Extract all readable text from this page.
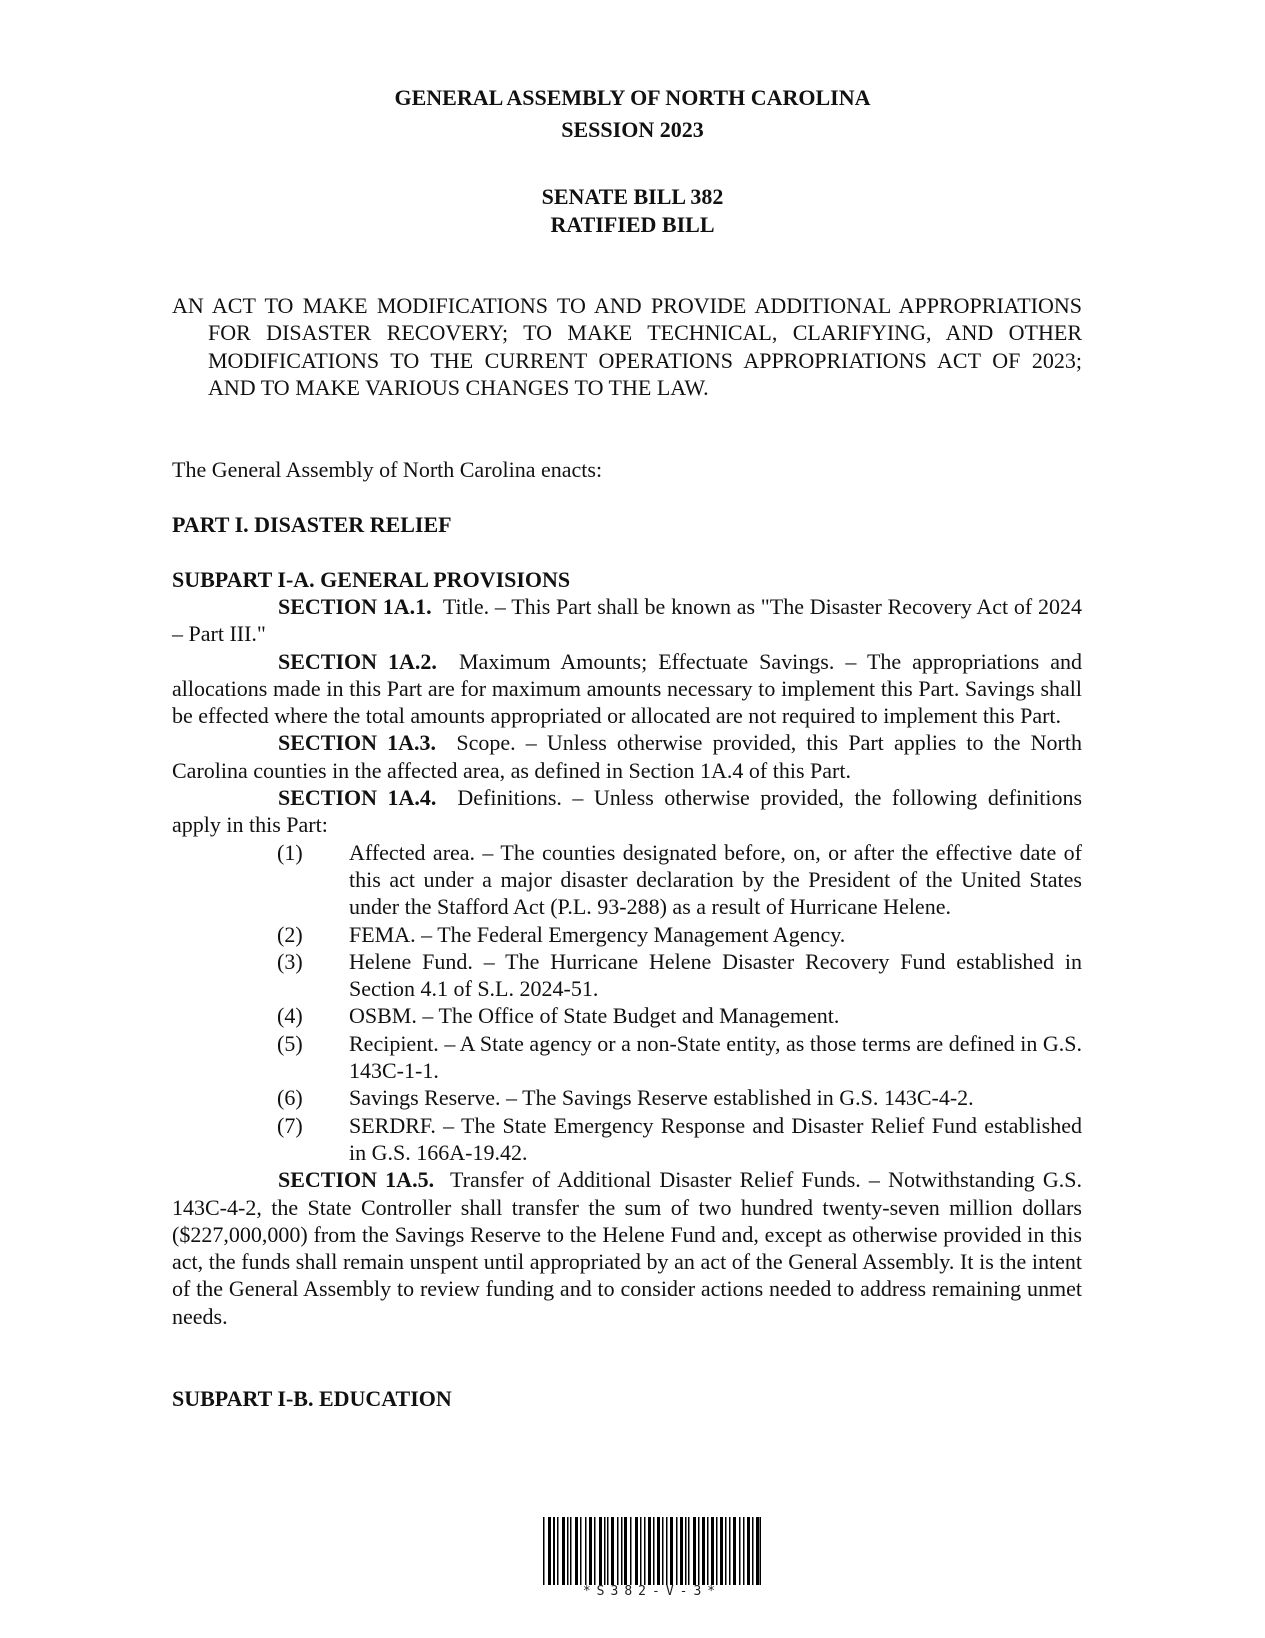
GENERAL ASSEMBLY OF NORTH CAROLINA
SESSION 2023
SENATE BILL 382
RATIFIED BILL

AN ACT TO MAKE MODIFICATIONS TO AND PROVIDE ADDITIONAL APPROPRIATIONS FOR DISASTER RECOVERY; TO MAKE TECHNICAL, CLARIFYING, AND OTHER MODIFICATIONS TO THE CURRENT OPERATIONS APPROPRIATIONS ACT OF 2023; AND TO MAKE VARIOUS CHANGES TO THE LAW.

The General Assembly of North Carolina enacts:
PART I. DISASTER RELIEF
SUBPART I-A. GENERAL PROVISIONS

SECTION 1A.1. Title. – This Part shall be known as "The Disaster Recovery Act of 2024 – Part III."

SECTION 1A.2. Maximum Amounts; Effectuate Savings. – The appropriations and allocations made in this Part are for maximum amounts necessary to implement this Part. Savings shall be effected where the total amounts appropriated or allocated are not required to implement this Part.

SECTION 1A.3. Scope. – Unless otherwise provided, this Part applies to the North Carolina counties in the affected area, as defined in Section 1A.4 of this Part.

SECTION 1A.4. Definitions. – Unless otherwise provided, the following definitions apply in this Part:

(1) Affected area. – The counties designated before, on, or after the effective date of this act under a major disaster declaration by the President of the United States under the Stafford Act (P.L. 93-288) as a result of Hurricane Helene.
(2) FEMA. – The Federal Emergency Management Agency.
(3) Helene Fund. – The Hurricane Helene Disaster Recovery Fund established in Section 4.1 of S.L. 2024-51.
(4) OSBM. – The Office of State Budget and Management.
(5) Recipient. – A State agency or a non-State entity, as those terms are defined in G.S. 143C-1-1.
(6) Savings Reserve. – The Savings Reserve established in G.S. 143C-4-2.
(7) SERDRF. – The State Emergency Response and Disaster Relief Fund established in G.S. 166A-19.42.

SECTION 1A.5. Transfer of Additional Disaster Relief Funds. – Notwithstanding G.S. 143C-4-2, the State Controller shall transfer the sum of two hundred twenty-seven million dollars ($227,000,000) from the Savings Reserve to the Helene Fund and, except as otherwise provided in this act, the funds shall remain unspent until appropriated by an act of the General Assembly. It is the intent of the General Assembly to review funding and to consider actions needed to address remaining unmet needs.

SUBPART I-B. EDUCATION
*S382-V-3*
